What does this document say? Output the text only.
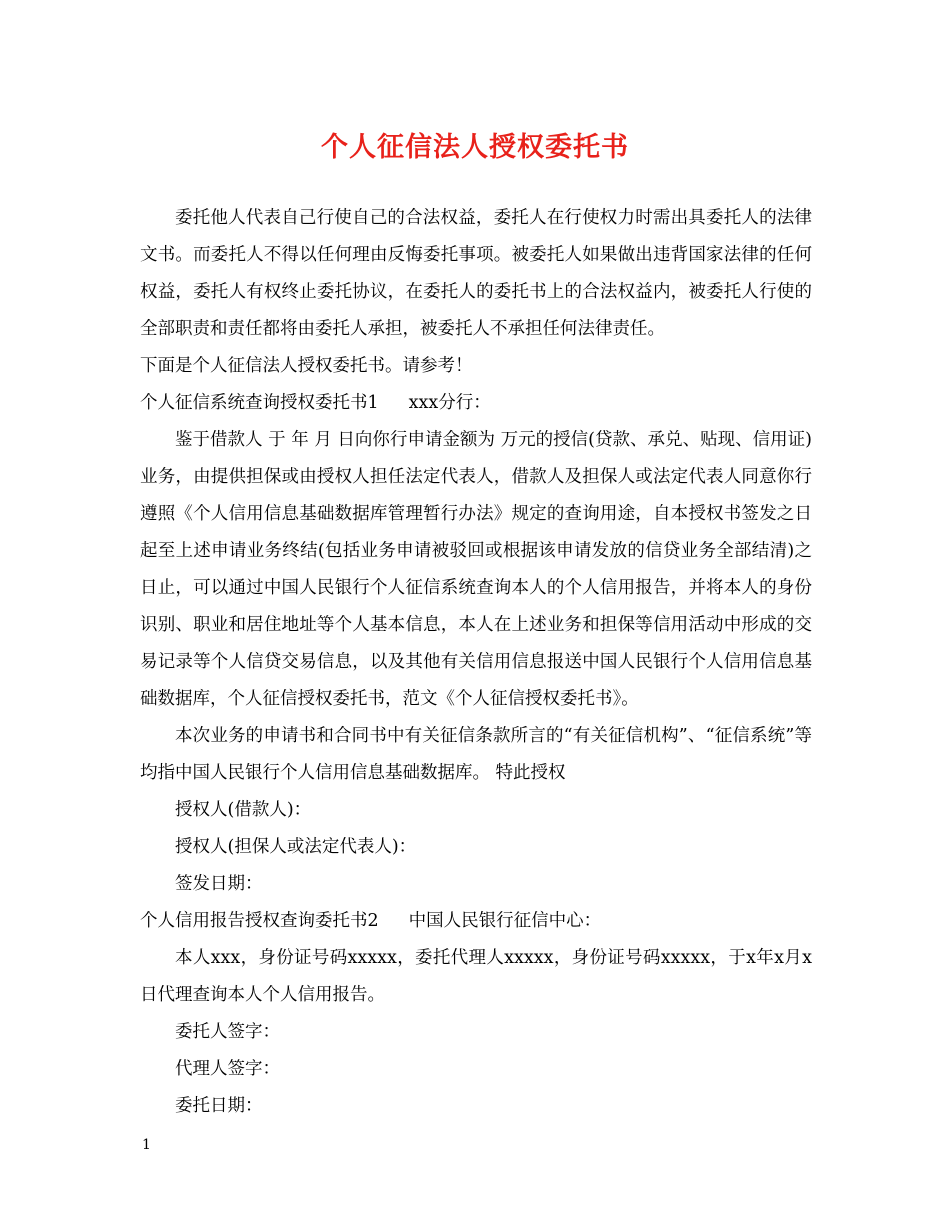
个人征信法人授权委托书

委托他人代表自己行使自己的合法权益，委托人在行使权力时需出具委托人的法律文书。而委托人不得以任何理由反悔委托事项。被委托人如果做出违背国家法律的任何权益，委托人有权终止委托协议，在委托人的委托书上的合法权益内，被委托人行使的全部职责和责任都将由委托人承担，被委托人不承担任何法律责任。

下面是个人征信法人授权委托书。请参考！

个人征信系统查询授权委托书1 xxx分行：

鉴于借款人 于 年 月 日向你行申请金额为 万元的授信(贷款、承兑、贴现、信用证)业务，由提供担保或由授权人担任法定代表人，借款人及担保人或法定代表人同意你行遵照《个人信用信息基础数据库管理暂行办法》规定的查询用途，自本授权书签发之日起至上述申请业务终结(包括业务申请被驳回或根据该申请发放的信贷业务全部结清)之日止，可以通过中国人民银行个人征信系统查询本人的个人信用报告，并将本人的身份识别、职业和居住地址等个人基本信息，本人在上述业务和担保等信用活动中形成的交易记录等个人信贷交易信息，以及其他有关信用信息报送中国人民银行个人信用信息基础数据库，个人征信授权委托书，范文《个人征信授权委托书》。

本次业务的申请书和合同书中有关征信条款所言的“有关征信机构”、“征信系统”等均指中国人民银行个人信用信息基础数据库。 特此授权

授权人(借款人)：

授权人(担保人或法定代表人)：

签发日期：

个人信用报告授权查询委托书2 中国人民银行征信中心：

本人xxx，身份证号码xxxxx，委托代理人xxxxx，身份证号码xxxxx，于x年x月x日代理查询本人个人信用报告。

委托人签字：

代理人签字：

委托日期：

1
